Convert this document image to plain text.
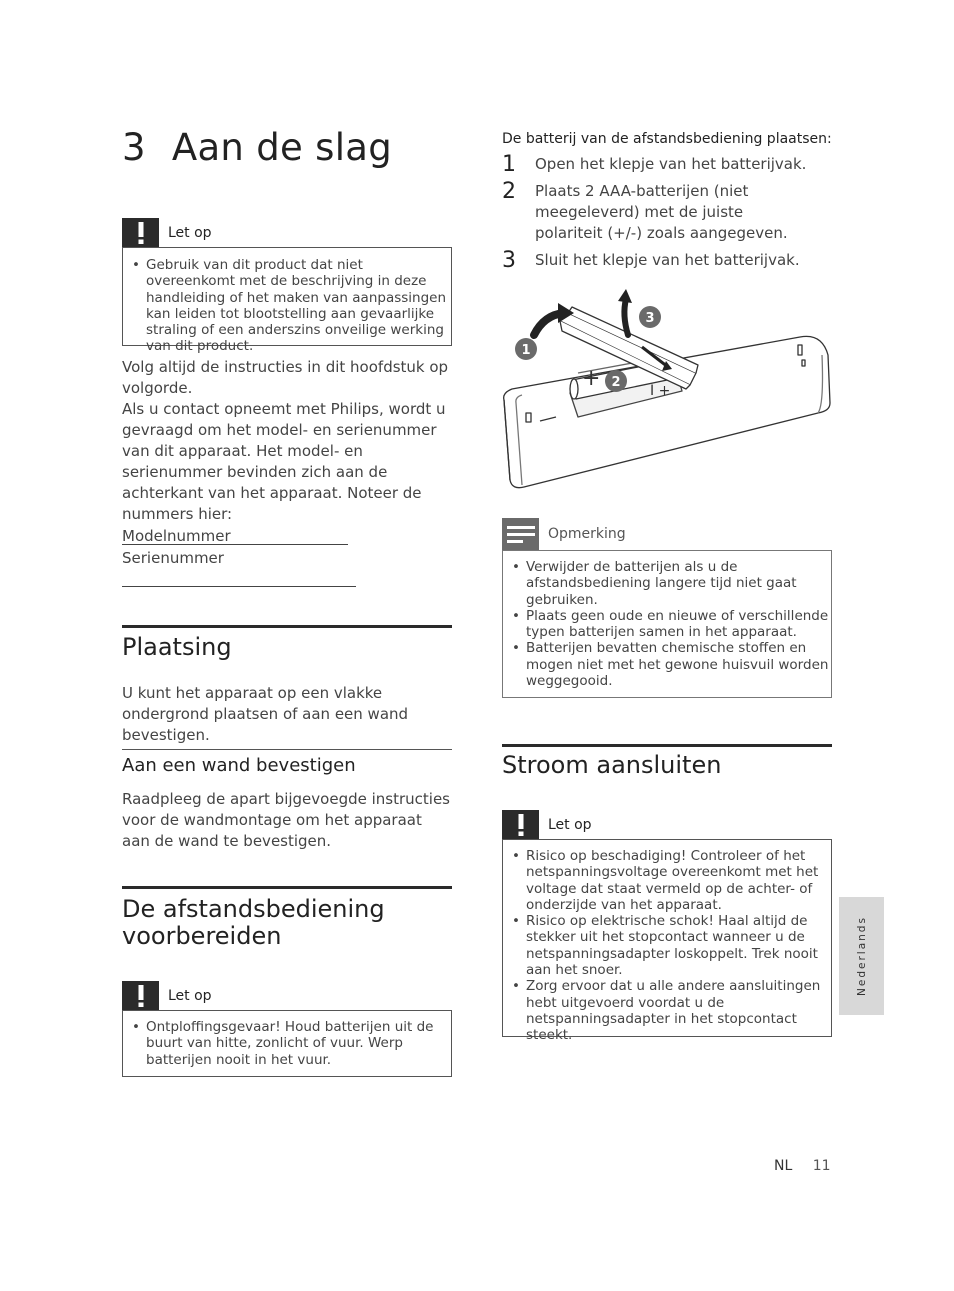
3 Aan de slag
Let op
• Gebruik van dit product dat niet overeenkomt met de beschrijving in deze handleiding of het maken van aanpassingen kan leiden tot blootstelling aan gevaarlijke straling of een anderszins onveilige werking van dit product.

Volg altijd de instructies in dit hoofdstuk op volgorde.

Als u contact opneemt met Philips, wordt u gevraagd om het model- en serienummer van dit apparaat. Het model- en serienummer bevinden zich aan de achterkant van het apparaat. Noteer de nummers hier:

Modelnummer

Serienummer
Plaatsing
U kunt het apparaat op een vlakke ondergrond plaatsen of aan een wand bevestigen.
Aan een wand bevestigen
Raadpleeg de apart bijgevoegde instructies voor de wandmontage om het apparaat aan de wand te bevestigen.
De afstandsbediening voorbereiden
Let op
• Ontploffingsgevaar! Houd batterijen uit de buurt van hitte, zonlicht of vuur. Werp batterijen nooit in het vuur.
De batterij van de afstandsbediening plaatsen:
1	Open het klepje van het batterijvak.
2	Plaats 2 AAA-batterijen (niet meegeleverd) met de juiste polariteit (+/-) zoals aangegeven.
3	Sluit het klepje van het batterijvak.
+	I +
1
2
3
Opmerking
• Verwijder de batterijen als u de afstandsbediening langere tijd niet gaat gebruiken.
• Plaats geen oude en nieuwe of verschillende typen batterijen samen in het apparaat.
• Batterijen bevatten chemische stoffen en mogen niet met het gewone huisvuil worden weggegooid.
Stroom aansluiten
Let op
• Risico op beschadiging! Controleer of het netspanningsvoltage overeenkomt met het voltage dat staat vermeld op de achter- of onderzijde van het apparaat.
• Risico op elektrische schok! Haal altijd de stekker uit het stopcontact wanneer u de netspanningsadapter loskoppelt. Trek nooit aan het snoer.
• Zorg ervoor dat u alle andere aansluitingen hebt uitgevoerd voordat u de netspanningsadapter in het stopcontact steekt.
Nederlands
NL 11
